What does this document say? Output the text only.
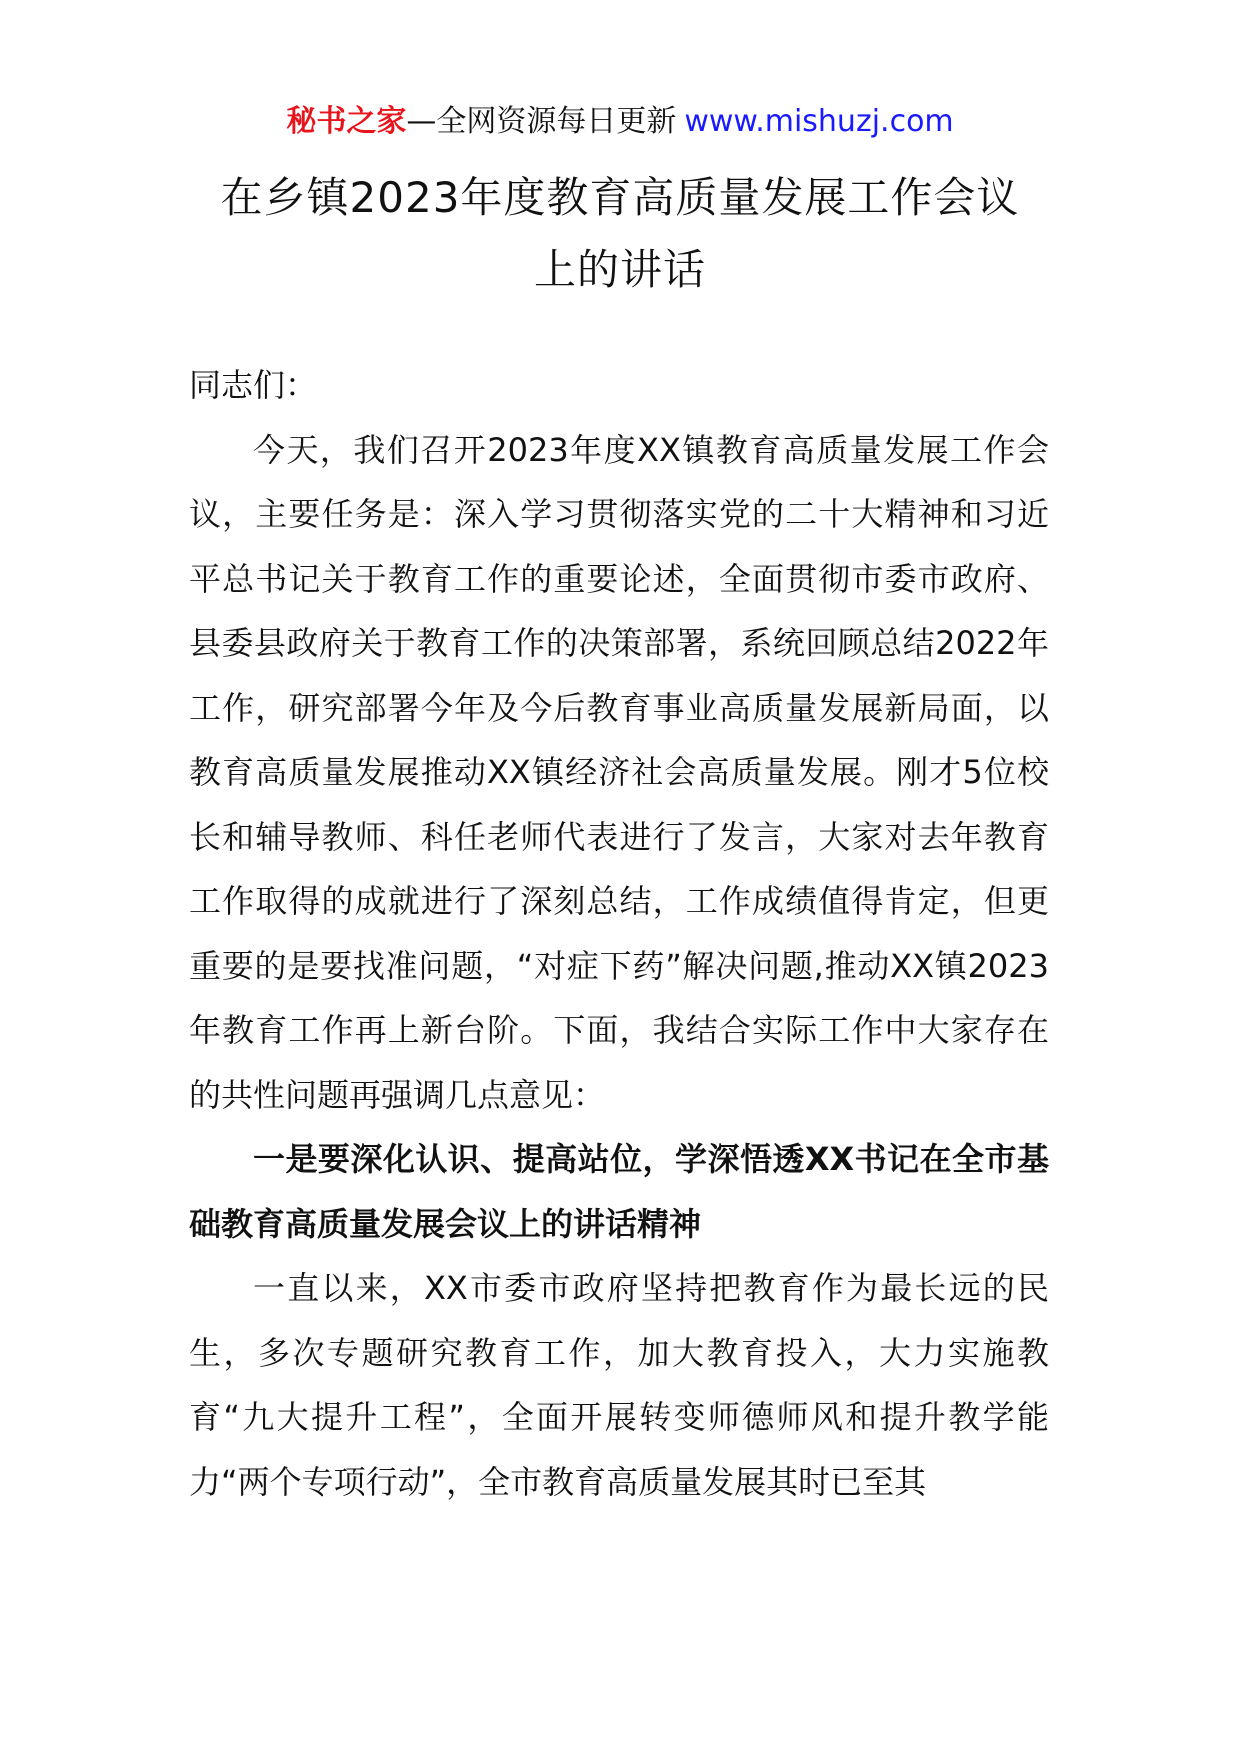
秘书之家—全网资源每日更新 www.mishuzj.com
在乡镇2023年度教育高质量发展工作会议
上的讲话

同志们：

今天，我们召开2023年度XX镇教育高质量发展工作会议，主要任务是：深入学习贯彻落实党的二十大精神和习近平总书记关于教育工作的重要论述，全面贯彻市委市政府、县委县政府关于教育工作的决策部署，系统回顾总结2022年工作，研究部署今年及今后教育事业高质量发展新局面，以教育高质量发展推动XX镇经济社会高质量发展。刚才5位校长和辅导教师、科任老师代表进行了发言，大家对去年教育工作取得的成就进行了深刻总结，工作成绩值得肯定，但更重要的是要找准问题，“对症下药”解决问题,推动XX镇2023年教育工作再上新台阶。下面，我结合实际工作中大家存在的共性问题再强调几点意见：

一是要深化认识、提高站位，学深悟透XX书记在全市基础教育高质量发展会议上的讲话精神

一直以来，XX市委市政府坚持把教育作为最长远的民生，多次专题研究教育工作，加大教育投入，大力实施教育“九大提升工程”，全面开展转变师德师风和提升教学能力“两个专项行动”，全市教育高质量发展其时已至其
